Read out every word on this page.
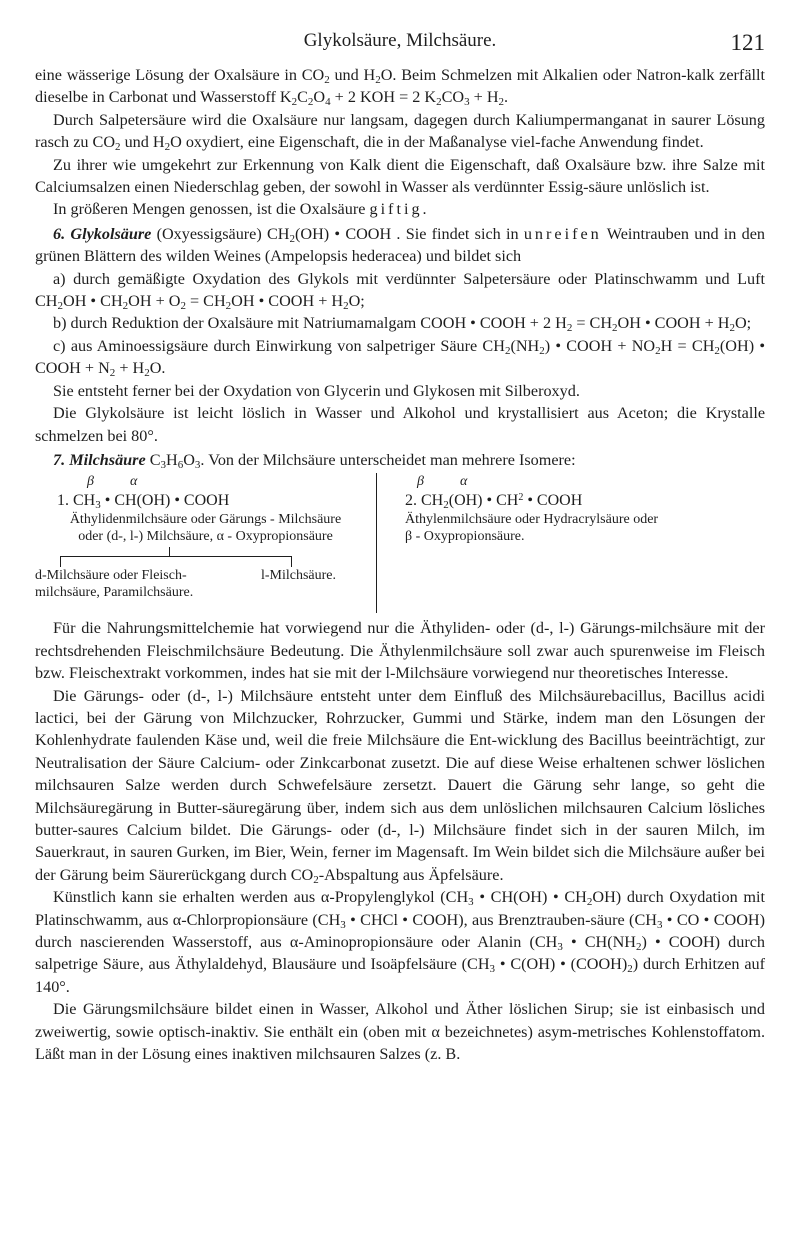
Glykolsäure, Milchsäure.	121

eine wässerige Lösung der Oxalsäure in $CO_2$ und $H_2O$. Beim Schmelzen mit Alkalien oder Natron-kalk zerfällt dieselbe in Carbonat und Wasserstoff $K_2C_2O_4 + 2$ KOH = 2 $K_2CO_3 + H_2$.

Durch Salpetersäure wird die Oxalsäure nur langsam, dagegen durch Kaliumpermanganat in saurer Lösung rasch zu $CO_2$ und $H_2O$ oxydiert, eine Eigenschaft, die in der Maßanalyse viel-fache Anwendung findet.

Zu ihrer wie umgekehrt zur Erkennung von Kalk dient die Eigenschaft, daß Oxalsäure bzw. ihre Salze mit Calciumsalzen einen Niederschlag geben, der sowohl in Wasser als verdünnter Essig-säure unlöslich ist.

In größeren Mengen genossen, ist die Oxalsäure giftig.

6. Glykolsäure (Oxyessigsäure) $CH_2(OH)$ • COOH . Sie findet sich in unreifen Weintrauben und in den grünen Blättern des wilden Weines (Ampelopsis hederacea) und bildet sich

a) durch gemäßigte Oxydation des Glykols mit verdünnter Salpetersäure oder Platinschwamm und Luft $CH_2OH$ • $CH_2OH + O_2 = CH_2OH$ • COOH + $H_2O$;

b) durch Reduktion der Oxalsäure mit Natriumamalgam COOH • COOH + 2 $H_2 = CH_2OH$ • COOH + $H_2O$;

c) aus Aminoessigsäure durch Einwirkung von salpetriger Säure $CH_2(NH_2)$ • COOH + $NO_2H = CH_2(OH)$ • COOH + $N_2 + H_2O$.

Sie entsteht ferner bei der Oxydation von Glycerin und Glykosen mit Silberoxyd.

Die Glykolsäure ist leicht löslich in Wasser und Alkohol und krystallisiert aus Aceton; die Krystalle schmelzen bei 80°.

7. Milchsäure $C_3H_6O_3$. Von der Milchsäure unterscheidet man mehrere Isomere:

β	α
1. $CH_3$ • CH(OH) • COOH
Äthylidenmilchsäure oder Gärungs - Milchsäure
oder (d-, l-) Milchsäure, α - Oxypropionsäure
d-Milchsäure oder Fleisch-
milchsäure, Paramilchsäure.
l-Milchsäure.
β	α
2. $CH_2(OH)$ • $CH^2$ • COOH
Äthylenmilchsäure oder Hydracrylsäure oder
β - Oxypropionsäure.

Für die Nahrungsmittelchemie hat vorwiegend nur die Äthyliden- oder (d-, l-) Gärungs-milchsäure mit der rechtsdrehenden Fleischmilchsäure Bedeutung. Die Äthylenmilchsäure soll zwar auch spurenweise im Fleisch bzw. Fleischextrakt vorkommen, indes hat sie mit der l-Milchsäure vorwiegend nur theoretisches Interesse.

Die Gärungs- oder (d-, l-) Milchsäure entsteht unter dem Einfluß des Milchsäurebacillus, Bacillus acidi lactici, bei der Gärung von Milchzucker, Rohrzucker, Gummi und Stärke, indem man den Lösungen der Kohlenhydrate faulenden Käse und, weil die freie Milchsäure die Ent-wicklung des Bacillus beeinträchtigt, zur Neutralisation der Säure Calcium- oder Zinkcarbonat zusetzt. Die auf diese Weise erhaltenen schwer löslichen milchsauren Salze werden durch Schwefelsäure zersetzt. Dauert die Gärung sehr lange, so geht die Milchsäuregärung in Butter-säuregärung über, indem sich aus dem unlöslichen milchsauren Calcium lösliches butter-saures Calcium bildet. Die Gärungs- oder (d-, l-) Milchsäure findet sich in der sauren Milch, im Sauerkraut, in sauren Gurken, im Bier, Wein, ferner im Magensaft. Im Wein bildet sich die Milchsäure außer bei der Gärung beim Säurerückgang durch $CO_2$-Abspaltung aus Äpfelsäure.

Künstlich kann sie erhalten werden aus α-Propylenglykol ($CH_3$ • CH(OH) • $CH_2OH$) durch Oxydation mit Platinschwamm, aus α-Chlorpropionsäure ($CH_3$ • CHCl • COOH), aus Brenztrauben-säure ($CH_3$ • CO • COOH) durch nascierenden Wasserstoff, aus α-Aminopropionsäure oder Alanin ($CH_3$ • $CH(NH_2)$ • COOH) durch salpetrige Säure, aus Äthylaldehyd, Blausäure und Isoäpfelsäure ($CH_3$ • C(OH) • $(COOH)_2$) durch Erhitzen auf 140°.

Die Gärungsmilchsäure bildet einen in Wasser, Alkohol und Äther löslichen Sirup; sie ist einbasisch und zweiwertig, sowie optisch-inaktiv. Sie enthält ein (oben mit α bezeichnetes) asym-metrisches Kohlenstoffatom. Läßt man in der Lösung eines inaktiven milchsauren Salzes (z. B.
